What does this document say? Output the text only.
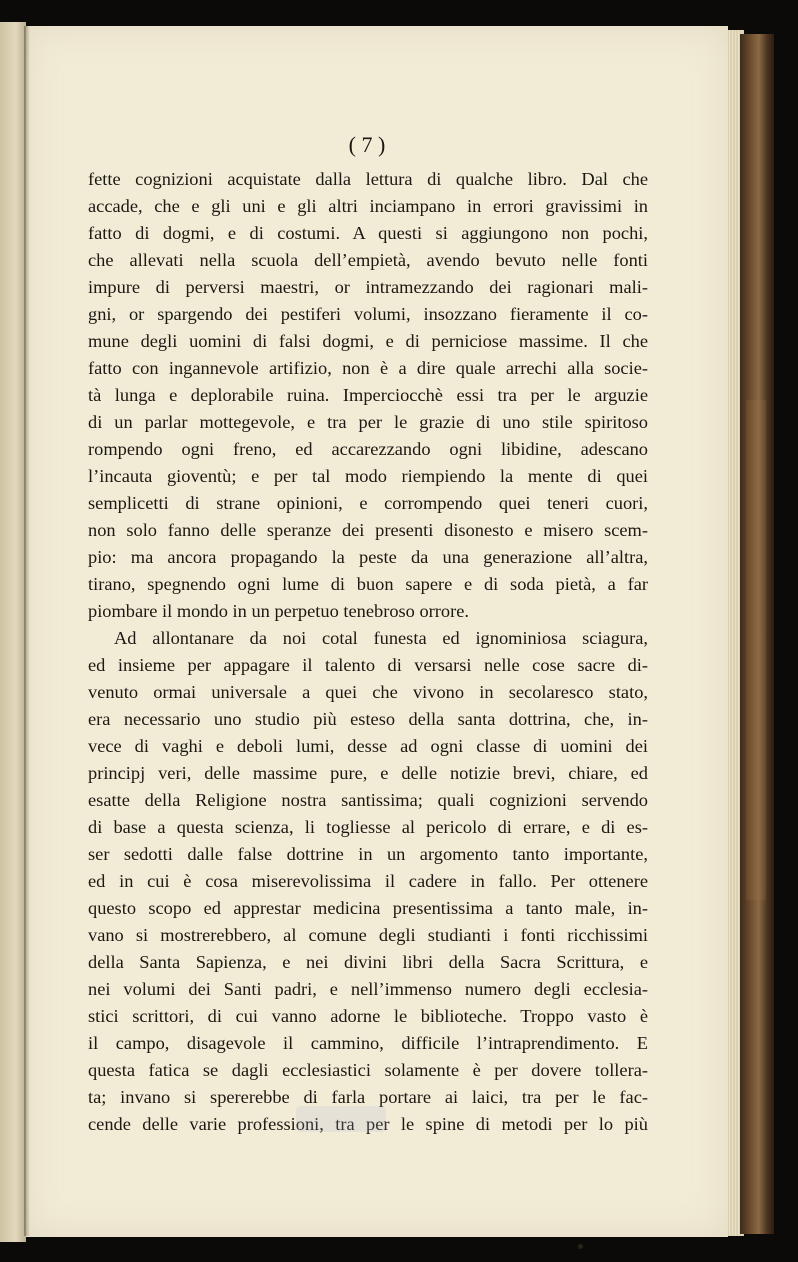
( 7 )
fette cognizioni acquistate dalla lettura di qualche libro. Dal che
accade, che e gli uni e gli altri inciampano in errori gravissimi in
fatto di dogmi, e di costumi. A questi si aggiungono non pochi,
che allevati nella scuola dell’empietà, avendo bevuto nelle fonti
impure di perversi maestri, or intramezzando dei ragionari mali-
gni, or spargendo dei pestiferi volumi, insozzano fieramente il co-
mune degli uomini di falsi dogmi, e di perniciose massime. Il che
fatto con ingannevole artifizio, non è a dire quale arrechi alla socie-
tà lunga e deplorabile ruina. Imperciocchè essi tra per le arguzie
di un parlar mottegevole, e tra per le grazie di uno stile spiritoso
rompendo ogni freno, ed accarezzando ogni libidine, adescano
l’incauta gioventù; e per tal modo riempiendo la mente di quei
semplicetti di strane opinioni, e corrompendo quei teneri cuori,
non solo fanno delle speranze dei presenti disonesto e misero scem-
pio: ma ancora propagando la peste da una generazione all’altra,
tirano, spegnendo ogni lume di buon sapere e di soda pietà, a far
piombare il mondo in un perpetuo tenebroso orrore.
Ad allontanare da noi cotal funesta ed ignominiosa sciagura,
ed insieme per appagare il talento di versarsi nelle cose sacre di-
venuto ormai universale a quei che vivono in secolaresco stato,
era necessario uno studio più esteso della santa dottrina, che, in-
vece di vaghi e deboli lumi, desse ad ogni classe di uomini dei
principj veri, delle massime pure, e delle notizie brevi, chiare, ed
esatte della Religione nostra santissima; quali cognizioni servendo
di base a questa scienza, li togliesse al pericolo di errare, e di es-
ser sedotti dalle false dottrine in un argomento tanto importante,
ed in cui è cosa miserevolissima il cadere in fallo. Per ottenere
questo scopo ed apprestar medicina presentissima a tanto male, in-
vano si mostrerebbero, al comune degli studianti i fonti ricchissimi
della Santa Sapienza, e nei divini libri della Sacra Scrittura, e
nei volumi dei Santi padri, e nell’immenso numero degli ecclesia-
stici scrittori, di cui vanno adorne le biblioteche. Troppo vasto è
il campo, disagevole il cammino, difficile l’intraprendimento. E
questa fatica se dagli ecclesiastici solamente è per dovere tollera-
ta; invano si spererebbe di farla portare ai laici, tra per le fac-
cende delle varie professioni, tra per le spine di metodi per lo più
